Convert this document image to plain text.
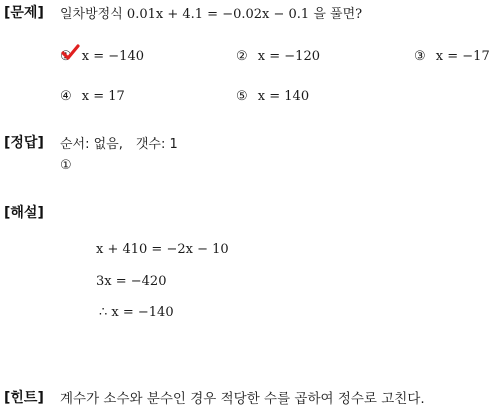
[문제] 일차방정식 0.01x + 4.1 = −0.02x − 0.1 을 풀면?
① x = −140	② x = −120	③ x = −17
④ x = 17	⑤ x = 140
[정답] 순서: 없음,　갯수: 1
①
[해설]
x + 410 = −2x − 10
3x = −420
∴ x = −140
[힌트] 계수가 소수와 분수인 경우 적당한 수를 곱하여 정수로 고친다.
